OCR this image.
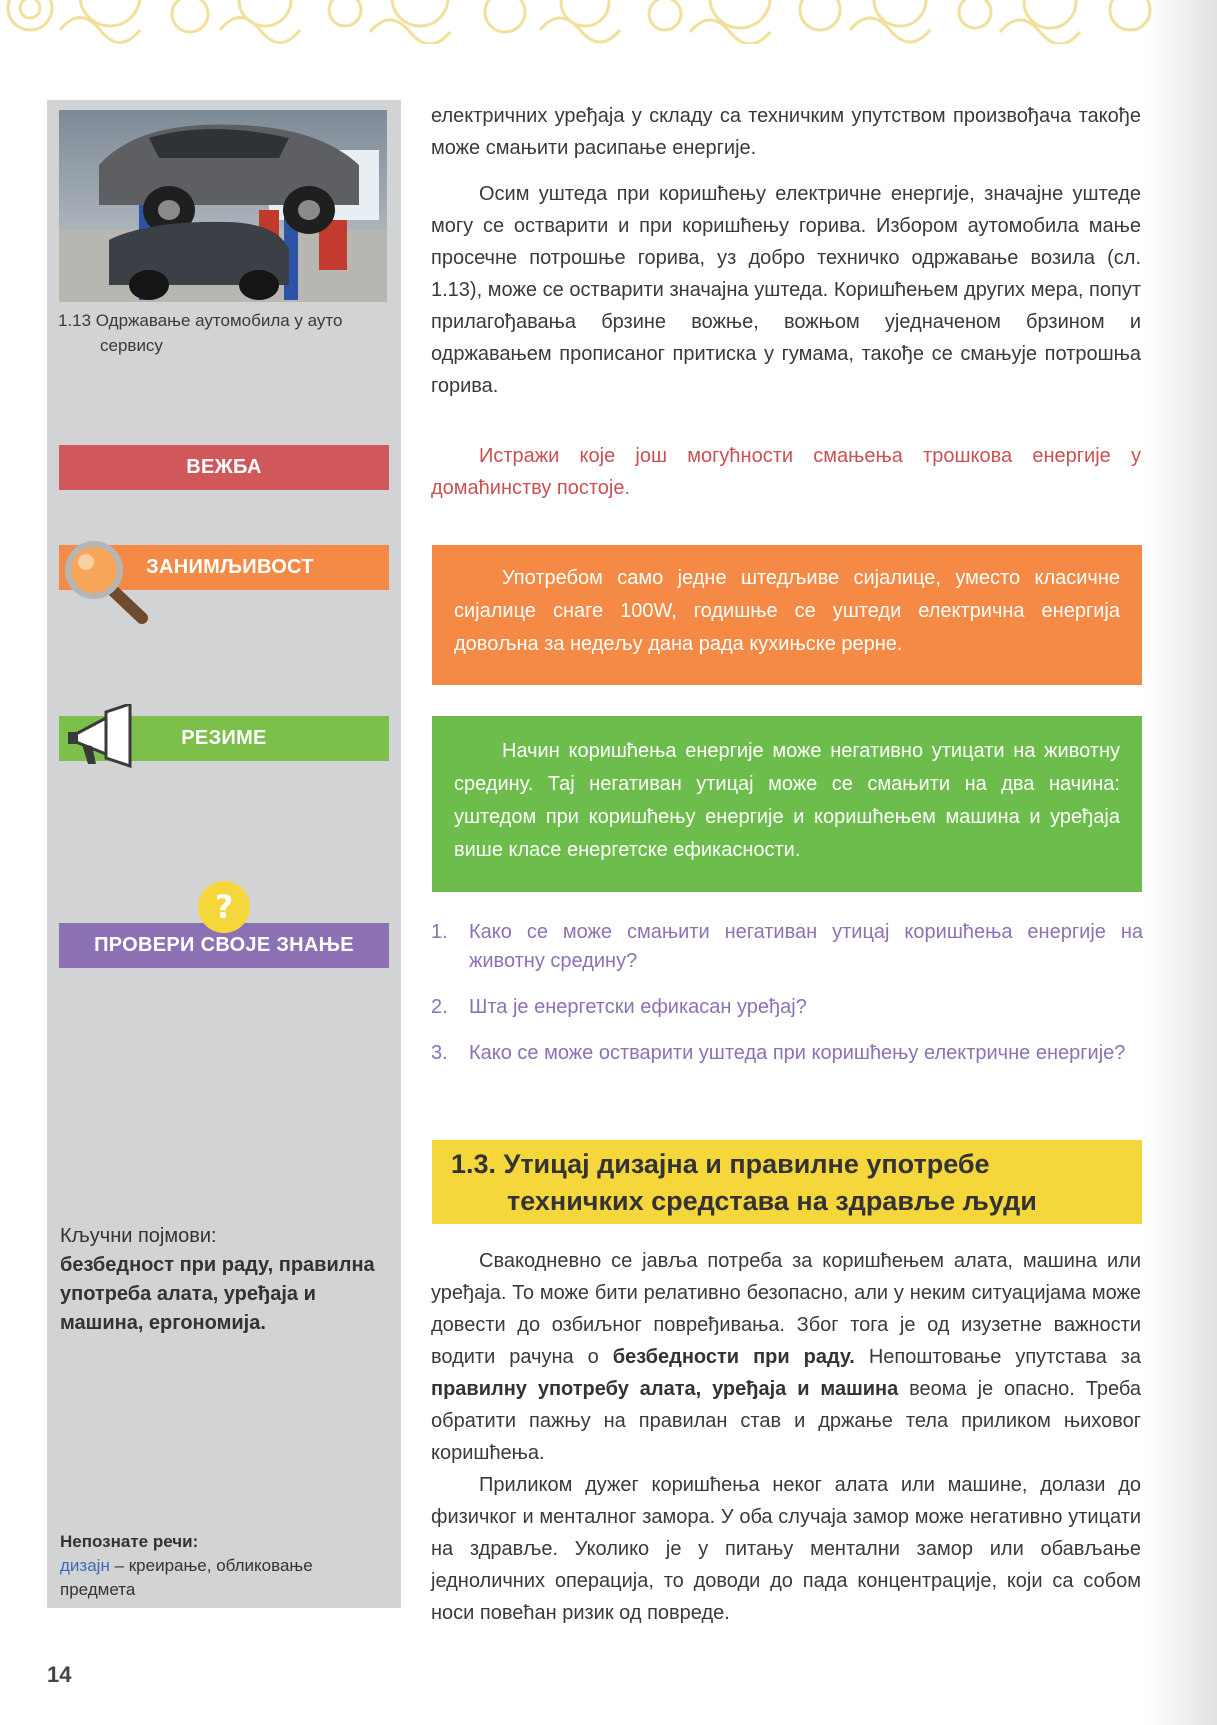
1.13 Одржавање аутомобила у ауто
сервису
ВЕЖБА
ЗАНИМЉИВОСТ
РЕЗИМЕ
ПРОВЕРИ СВОЈЕ ЗНАЊЕ
?
Кључни појмови:
безбедност при раду, правилна употреба алата, уређаја и машина, ергономија.
Непознате речи:
дизајн – креирање, обликовање предмета
14
електричних уређаја у складу са техничким упутством произвођача такође може смањити расипање енергије.
Осим уштеда при коришћењу електричне енергије, значајне уштеде могу се остварити и при коришћењу горива. Избором аутомобила мање просечне потрошње горива, уз добро техничко одржавање возила (сл. 1.13), може се остварити значајна уштеда. Коришћењем других мера, попут прилагођавања брзине вожње, вожњом уједначеном брзином и одржавањем прописаног притиска у гумама, такође се смањује потрошња горива.
Истражи које још могућности смањења трошкова енергије у домаћинству постоје.

Употребом само једне штедљиве сијалице, уместо класичне сијалице снаге 100W, годишње се уштеди електрична енергија довољна за недељу дана рада кухињске рерне.

Начин коришћења енергије може негативно утицати на животну средину. Тај негативан утицај може се смањити на два начина: уштедом при коришћењу енергије и коришћењем машина и уређаја више класе енергетске ефикасности.

1.	Како се може смањити негативан утицај коришћења енергије на животну средину?
2.	Шта је енергетски ефикасан уређај?
3.	Како се може остварити уштеда при коришћењу електричне енергије?
1.3. Утицај дизајна и правилне употребе
техничких средстава на здравље људи
Свакодневно се јавља потреба за коришћењем алата, машина или уређаја. То може бити релативно безопасно, али у неким ситуацијама може довести до озбиљног повређивања. Због тога је од изузетне важности водити рачуна о безбедности при раду. Непоштовање упутстава за правилну употребу алата, уређаја и машина веома је опасно. Треба обратити пажњу на правилан став и држање тела приликом њиховог коришћења.
Приликом дужег коришћења неког алата или машине, долази до физичког и менталног замора. У оба случаја замор може негативно утицати на здравље. Уколико је у питању ментални замор или обављање једноличних операција, то доводи до пада концентрације, који са собом носи повећан ризик од повреде.
